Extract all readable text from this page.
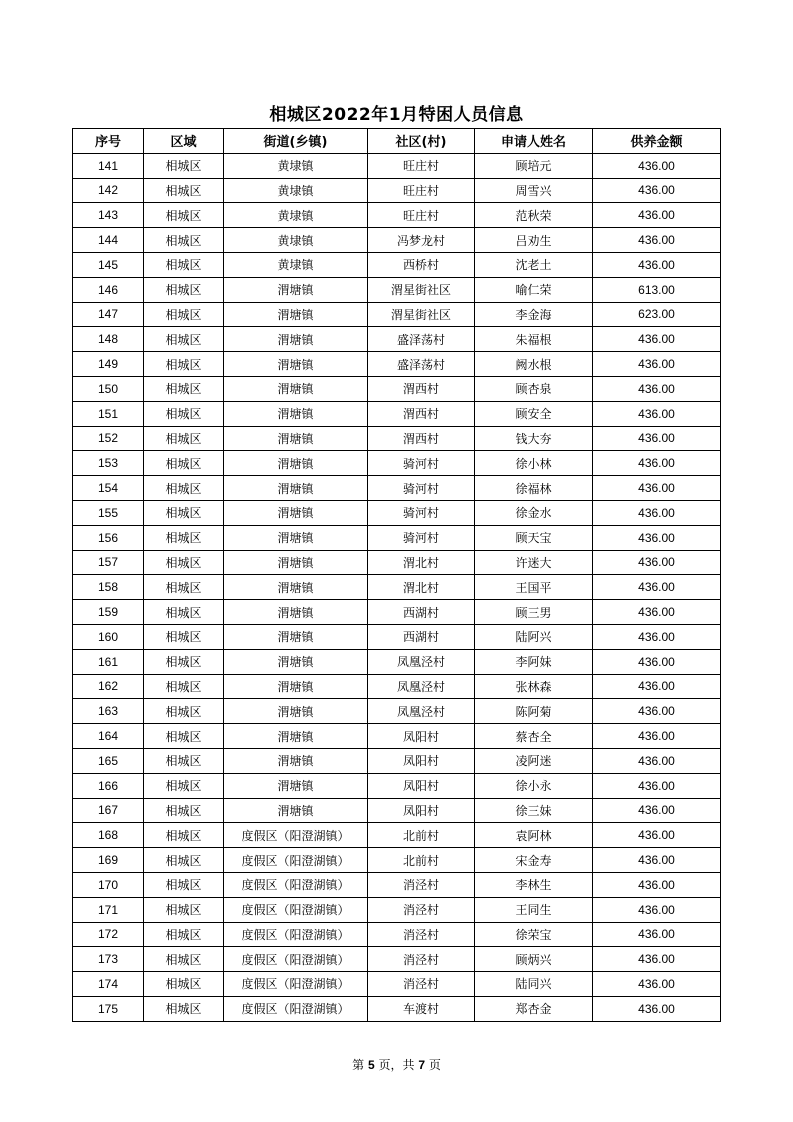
相城区2022年1月特困人员信息
序号	区域	街道(乡镇)	社区(村)	申请人姓名	供养金额
141	相城区	黄埭镇	旺庄村	顾培元	436.00
142	相城区	黄埭镇	旺庄村	周雪兴	436.00
143	相城区	黄埭镇	旺庄村	范秋荣	436.00
144	相城区	黄埭镇	冯梦龙村	吕劝生	436.00
145	相城区	黄埭镇	西桥村	沈老土	436.00
146	相城区	渭塘镇	渭星街社区	喻仁荣	613.00
147	相城区	渭塘镇	渭星街社区	李金海	623.00
148	相城区	渭塘镇	盛泽荡村	朱福根	436.00
149	相城区	渭塘镇	盛泽荡村	阙水根	436.00
150	相城区	渭塘镇	渭西村	顾杏泉	436.00
151	相城区	渭塘镇	渭西村	顾安全	436.00
152	相城区	渭塘镇	渭西村	钱大夯	436.00
153	相城区	渭塘镇	骑河村	徐小林	436.00
154	相城区	渭塘镇	骑河村	徐福林	436.00
155	相城区	渭塘镇	骑河村	徐金水	436.00
156	相城区	渭塘镇	骑河村	顾天宝	436.00
157	相城区	渭塘镇	渭北村	许迷大	436.00
158	相城区	渭塘镇	渭北村	王国平	436.00
159	相城区	渭塘镇	西湖村	顾三男	436.00
160	相城区	渭塘镇	西湖村	陆阿兴	436.00
161	相城区	渭塘镇	凤凰泾村	李阿妹	436.00
162	相城区	渭塘镇	凤凰泾村	张林森	436.00
163	相城区	渭塘镇	凤凰泾村	陈阿菊	436.00
164	相城区	渭塘镇	凤阳村	蔡杏全	436.00
165	相城区	渭塘镇	凤阳村	凌阿迷	436.00
166	相城区	渭塘镇	凤阳村	徐小永	436.00
167	相城区	渭塘镇	凤阳村	徐三妹	436.00
168	相城区	度假区（阳澄湖镇）	北前村	袁阿林	436.00
169	相城区	度假区（阳澄湖镇）	北前村	宋金寿	436.00
170	相城区	度假区（阳澄湖镇）	消泾村	李林生	436.00
171	相城区	度假区（阳澄湖镇）	消泾村	王同生	436.00
172	相城区	度假区（阳澄湖镇）	消泾村	徐荣宝	436.00
173	相城区	度假区（阳澄湖镇）	消泾村	顾炳兴	436.00
174	相城区	度假区（阳澄湖镇）	消泾村	陆同兴	436.00
175	相城区	度假区（阳澄湖镇）	车渡村	郑杏金	436.00
第 5 页，共 7 页
